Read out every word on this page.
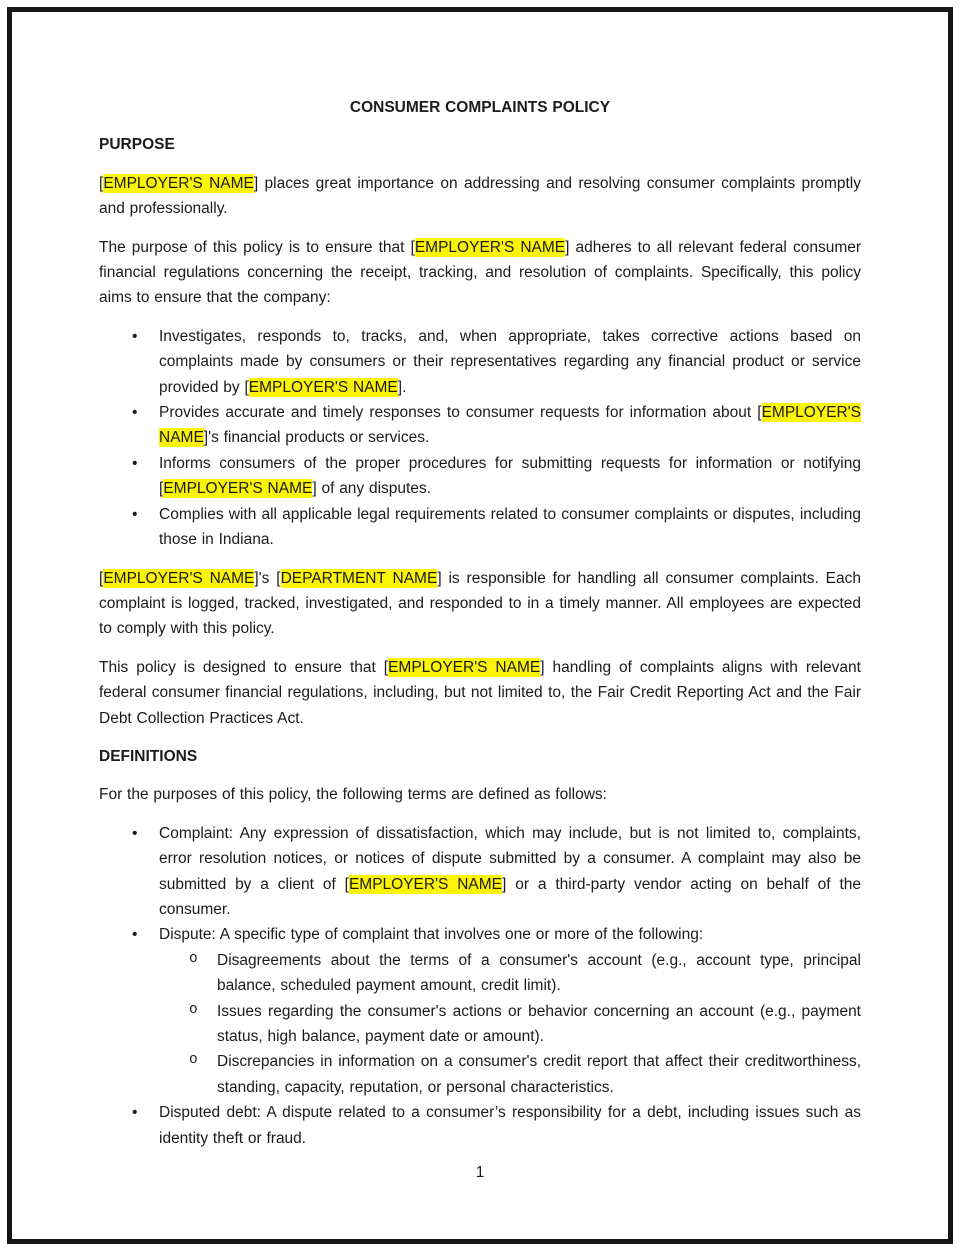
CONSUMER COMPLAINTS POLICY
PURPOSE

[EMPLOYER'S NAME] places great importance on addressing and resolving consumer complaints promptly and professionally.

The purpose of this policy is to ensure that [EMPLOYER'S NAME] adheres to all relevant federal consumer financial regulations concerning the receipt, tracking, and resolution of complaints. Specifically, this policy aims to ensure that the company:

• Investigates, responds to, tracks, and, when appropriate, takes corrective actions based on complaints made by consumers or their representatives regarding any financial product or service provided by [EMPLOYER'S NAME].
• Provides accurate and timely responses to consumer requests for information about [EMPLOYER'S NAME]'s financial products or services.
• Informs consumers of the proper procedures for submitting requests for information or notifying [EMPLOYER'S NAME] of any disputes.
• Complies with all applicable legal requirements related to consumer complaints or disputes, including those in Indiana.

[EMPLOYER'S NAME]'s [DEPARTMENT NAME] is responsible for handling all consumer complaints. Each complaint is logged, tracked, investigated, and responded to in a timely manner. All employees are expected to comply with this policy.

This policy is designed to ensure that [EMPLOYER'S NAME] handling of complaints aligns with relevant federal consumer financial regulations, including, but not limited to, the Fair Credit Reporting Act and the Fair Debt Collection Practices Act.

DEFINITIONS

For the purposes of this policy, the following terms are defined as follows:

• Complaint: Any expression of dissatisfaction, which may include, but is not limited to, complaints, error resolution notices, or notices of dispute submitted by a consumer. A complaint may also be submitted by a client of [EMPLOYER'S NAME] or a third-party vendor acting on behalf of the consumer.
• Dispute: A specific type of complaint that involves one or more of the following:
o Disagreements about the terms of a consumer's account (e.g., account type, principal balance, scheduled payment amount, credit limit).
o Issues regarding the consumer's actions or behavior concerning an account (e.g., payment status, high balance, payment date or amount).
o Discrepancies in information on a consumer's credit report that affect their creditworthiness, standing, capacity, reputation, or personal characteristics.
• Disputed debt: A dispute related to a consumer’s responsibility for a debt, including issues such as identity theft or fraud.
1
